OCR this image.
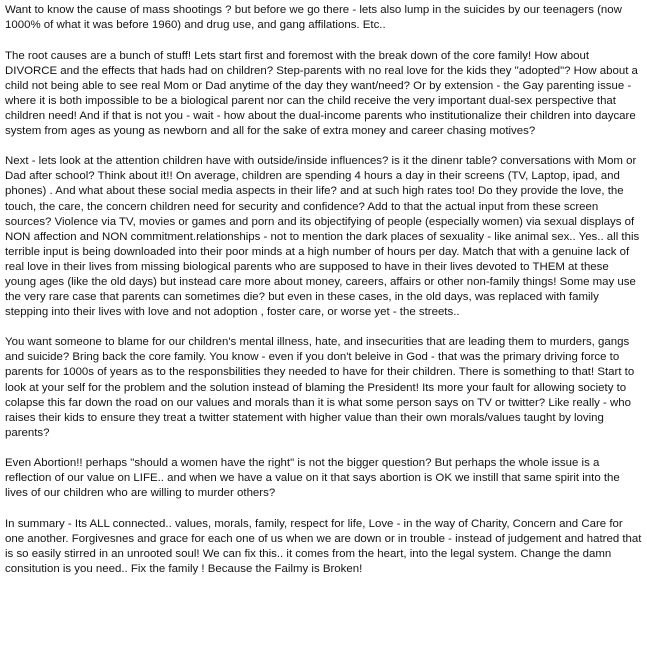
Want to know the cause of mass shootings ? but before we go there - lets also lump in the suicides by our teenagers (now 1000% of what it was before 1960) and drug use, and gang affilations. Etc..

The root causes are a bunch of stuff! Lets start first and foremost with the break down of the core family! How about DIVORCE and the effects that hads had on children? Step-parents with no real love for the kids they "adopted"? How about a child not being able to see real Mom or Dad anytime of the day they want/need? Or by extension - the Gay parenting issue - where it is both impossible to be a biological parent nor can the child receive the very important dual-sex perspective that children need! And if that is not you - wait - how about the dual-income parents who institutionalize their children into daycare system from ages as young as newborn and all for the sake of extra money and career chasing motives?

Next - lets look at the attention children have with outside/inside influences? is it the dinenr table? conversations with Mom or Dad after school? Think about it!! On average, children are spending 4 hours a day in their screens (TV, Laptop, ipad, and phones) . And what about these social media aspects in their life? and at such high rates too! Do they provide the love, the touch, the care, the concern children need for security and confidence? Add to that the actual input from these screen sources? Violence via TV, movies or games and porn and its objectifying of people (especially women) via sexual displays of NON affection and NON commitment.relationships - not to mention the dark places of sexuality - like animal sex.. Yes.. all this terrible input is being downloaded into their poor minds at a high number of hours per day. Match that with a genuine lack of real love in their lives from missing biological parents who are supposed to have in their lives devoted to THEM at these young ages (like the old days) but instead care more about money, careers, affairs or other non-family things! Some may use the very rare case that parents can sometimes die? but even in these cases, in the old days, was replaced with family stepping into their lives with love and not adoption , foster care, or worse yet - the streets..

You want someone to blame for our children's mental illness, hate, and insecurities that are leading them to murders, gangs and suicide? Bring back the core family. You know - even if you don't beleive in God - that was the primary driving force to parents for 1000s of years as to the responsbilities they needed to have for their children. There is something to that! Start to look at your self for the problem and the solution instead of blaming the President! Its more your fault for allowing society to colapse this far down the road on our values and morals than it is what some person says on TV or twitter? Like really - who raises their kids to ensure they treat a twitter statement with higher value than their own morals/values taught by loving parents?

Even Abortion!! perhaps "should a women have the right" is not the bigger question? But perhaps the whole issue is a reflection of our value on LIFE.. and when we have a value on it that says abortion is OK we instill that same spirit into the lives of our children who are willing to murder others?

In summary - Its ALL connected.. values, morals, family, respect for life, Love - in the way of Charity, Concern and Care for one another. Forgivesnes and grace for each one of us when we are down or in trouble - instead of judgement and hatred that is so easily stirred in an unrooted soul! We can fix this.. it comes from the heart, into the legal system. Change the damn consitution is you need.. Fix the family ! Because the Failmy is Broken!
